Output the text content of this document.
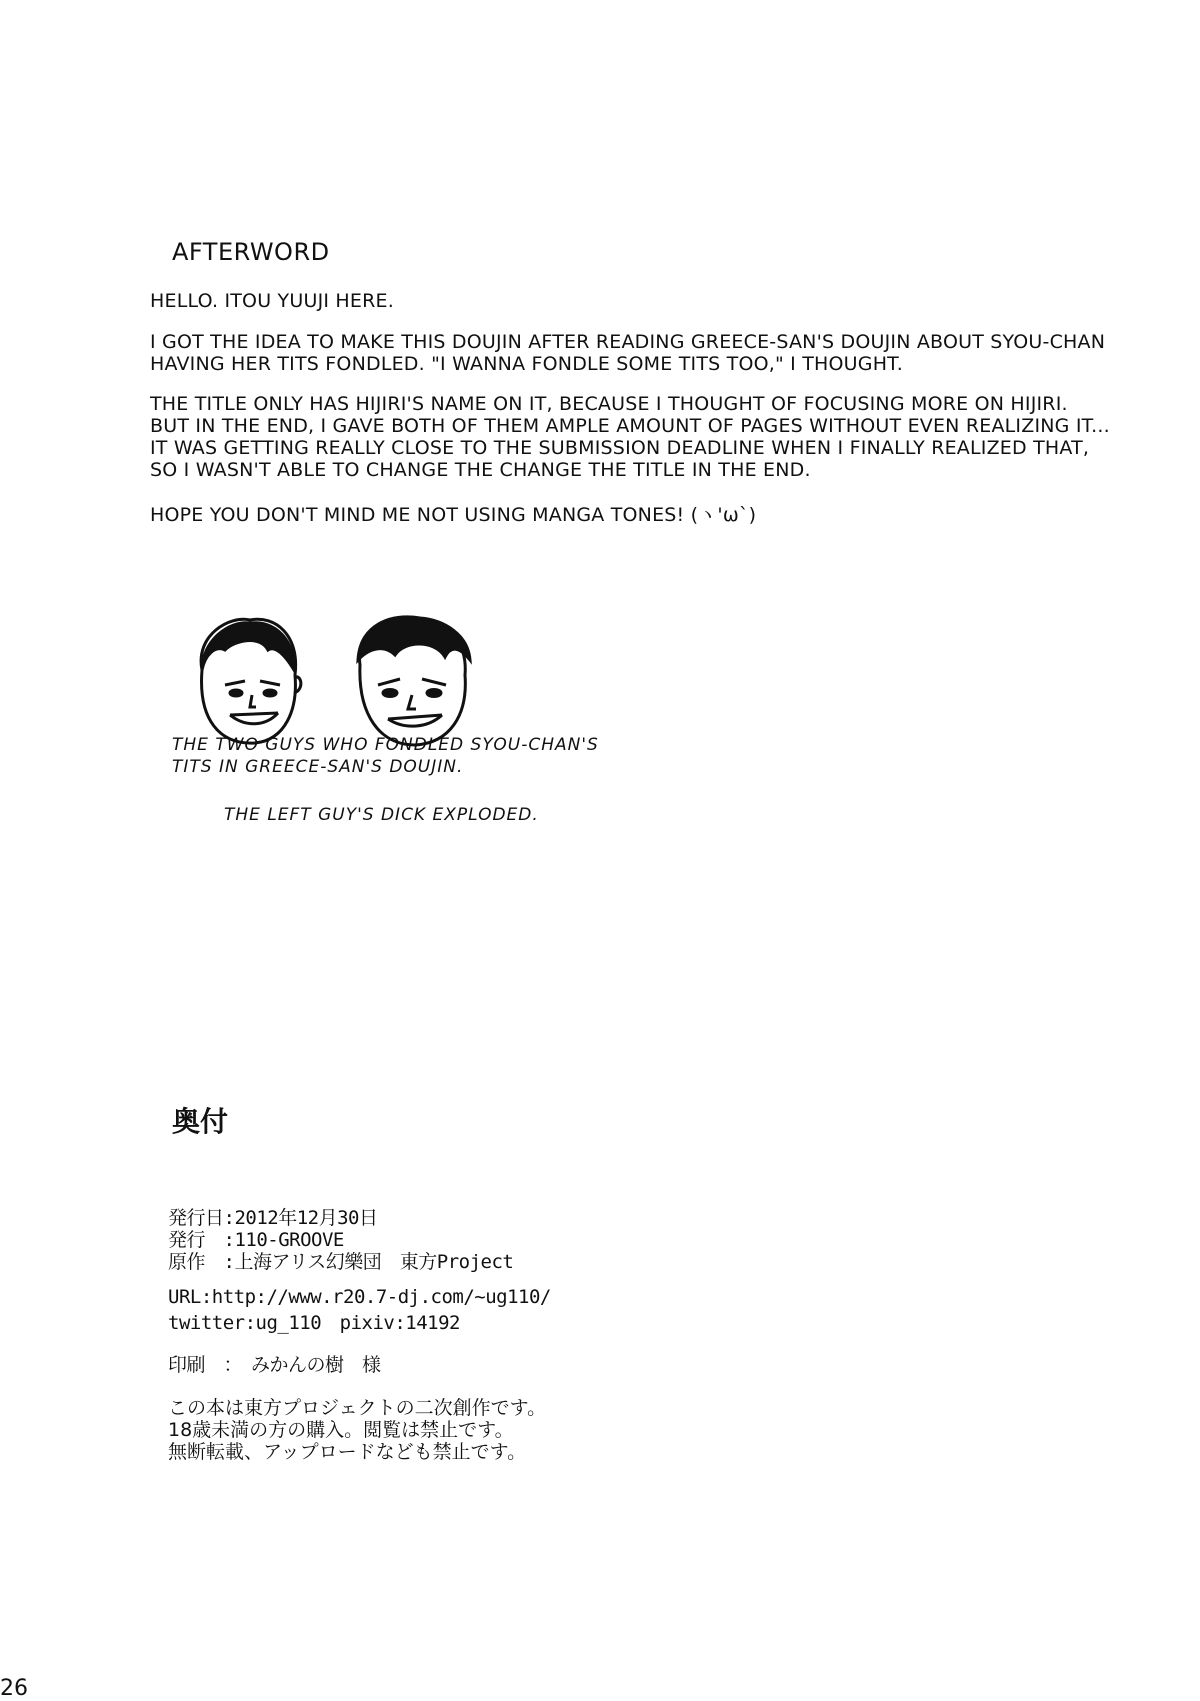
AFTERWORD
HELLO. ITOU YUUJI HERE.
I GOT THE IDEA TO MAKE THIS DOUJIN AFTER READING GREECE-SAN'S DOUJIN ABOUT SYOU-CHAN
HAVING HER TITS FONDLED. "I WANNA FONDLE SOME TITS TOO," I THOUGHT.
THE TITLE ONLY HAS HIJIRI'S NAME ON IT, BECAUSE I THOUGHT OF FOCUSING MORE ON HIJIRI.
BUT IN THE END, I GAVE BOTH OF THEM AMPLE AMOUNT OF PAGES WITHOUT EVEN REALIZING IT...
IT WAS GETTING REALLY CLOSE TO THE SUBMISSION DEADLINE WHEN I FINALLY REALIZED THAT,
SO I WASN'T ABLE TO CHANGE THE CHANGE THE TITLE IN THE END.
HOPE YOU DON'T MIND ME NOT USING MANGA TONES! (ヽ'ω`)
THE TWO GUYS WHO FONDLED SYOU-CHAN'S
TITS IN GREECE-SAN'S DOUJIN.
THE LEFT GUY'S DICK EXPLODED.
奥付
発行日:2012年12月30日
発行　:110-GROOVE
原作　:上海アリス幻樂団　東方Project
URL:http://www.r20.7-dj.com/~ug110/
twitter:ug_110　pixiv:14192
印刷　：　みかんの樹　様
この本は東方プロジェクトの二次創作です。
18歳未満の方の購入。閲覧は禁止です。
無断転載、アップロードなども禁止です。
26
